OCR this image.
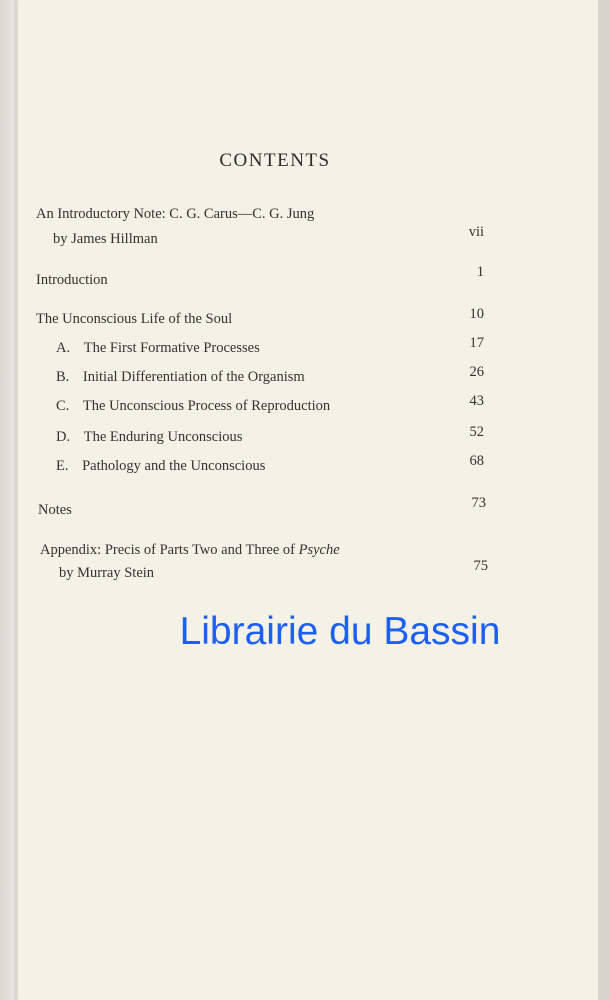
CONTENTS
An Introductory Note: C. G. Carus—C. G. Jung
by James Hillman	vii
Introduction	1
The Unconscious Life of the Soul	10
A. The First Formative Processes	17
B. Initial Differentiation of the Organism	26
C. The Unconscious Process of Reproduction	43
D. The Enduring Unconscious	52
E. Pathology and the Unconscious	68
Notes	73
Appendix: Precis of Parts Two and Three of Psyche
by Murray Stein	75
Librairie du Bassin
